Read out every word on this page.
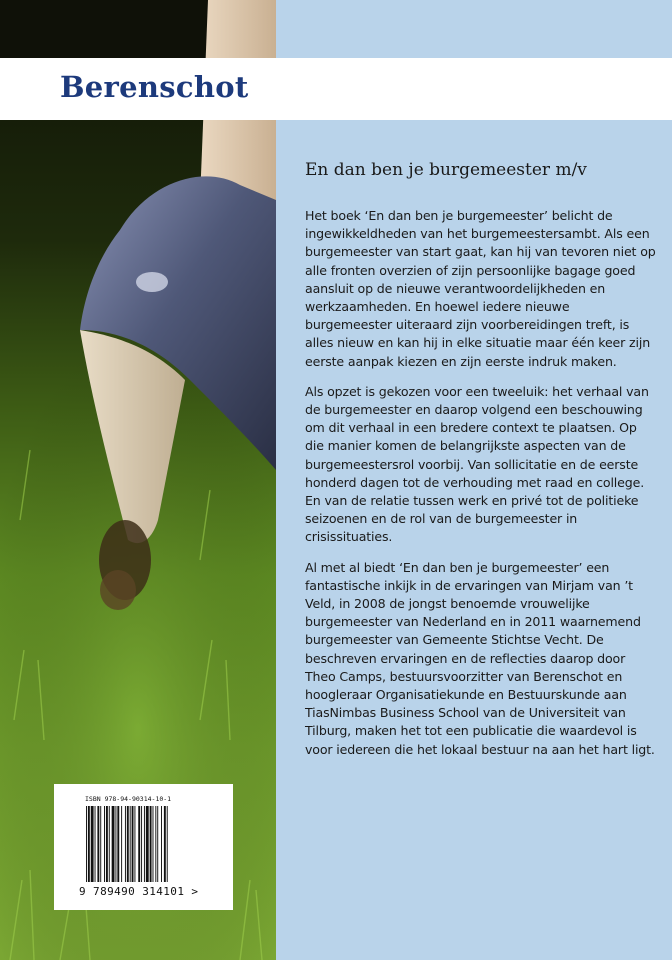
Berenschot
En dan ben je burgemeester m/v

Het boek ‘En dan ben je burgemeester’ belicht de ingewikkeldheden van het burgemeestersambt. Als een burgemeester van start gaat, kan hij van tevoren niet op alle fronten overzien of zijn persoonlijke bagage goed aansluit op de nieuwe verantwoordelijkheden en werkzaamheden. En hoewel iedere nieuwe burgemeester uiteraard zijn voorbereidingen treft, is alles nieuw en kan hij in elke situatie maar één keer zijn eerste aanpak kiezen en zijn eerste indruk maken.

Als opzet is gekozen voor een tweeluik: het verhaal van de burgemeester en daarop volgend een beschouwing om dit verhaal in een bredere context te plaatsen. Op die manier komen de belangrijkste aspecten van de burgemeestersrol voorbij. Van sollicitatie en de eerste honderd dagen tot de verhouding met raad en college. En van de relatie tussen werk en privé tot de politieke seizoenen en de rol van de burgemeester in crisissituaties.

Al met al biedt ‘En dan ben je burgemeester’ een fantastische inkijk in de ervaringen van Mirjam van ’t Veld, in 2008 de jongst benoemde vrouwelijke burgemeester van Nederland en in 2011 waarnemend burgemeester van Gemeente Stichtse Vecht. De beschreven ervaringen en de reflecties daarop door Theo Camps, bestuursvoorzitter van Berenschot en hoogleraar Organisatiekunde en Bestuurskunde aan TiasNimbas Business School van de Universiteit van Tilburg, maken het tot een publicatie die waardevol is voor iedereen die het lokaal bestuur na aan het hart ligt.

ISBN 978-94-90314-10-1

9 789490 314101 >
